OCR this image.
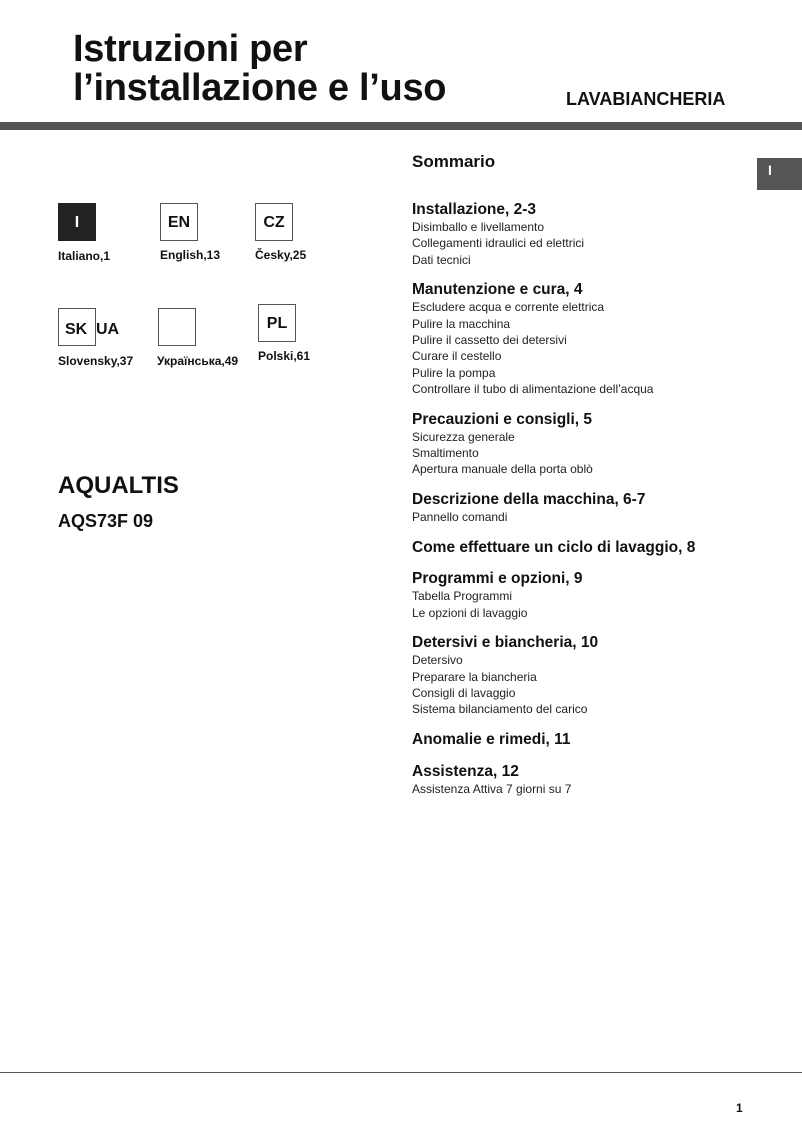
Istruzioni per
l’installazione e l’uso	LAVABIANCHERIA
I
I
Italiano,1
EN
English,13
CZ
Česky,25
SK UA
Slovensky,37 Українська,49
PL
Polski,61
AQUALTIS
AQS73F 09
Sommario
Installazione, 2-3
Disimballo e livellamento
Collegamenti idraulici ed elettrici
Dati tecnici
Manutenzione e cura, 4
Escludere acqua e corrente elettrica
Pulire la macchina
Pulire il cassetto dei detersivi
Curare il cestello
Pulire la pompa
Controllare il tubo di alimentazione dell’acqua
Precauzioni e consigli, 5
Sicurezza generale
Smaltimento
Apertura manuale della porta oblò
Descrizione della macchina, 6-7
Pannello comandi
Come effettuare un ciclo di lavaggio, 8
Programmi e opzioni, 9
Tabella Programmi
Le opzioni di lavaggio
Detersivi e biancheria, 10
Detersivo
Preparare la biancheria
Consigli di lavaggio
Sistema bilanciamento del carico
Anomalie e rimedi, 11
Assistenza, 12
Assistenza Attiva 7 giorni su 7
1
